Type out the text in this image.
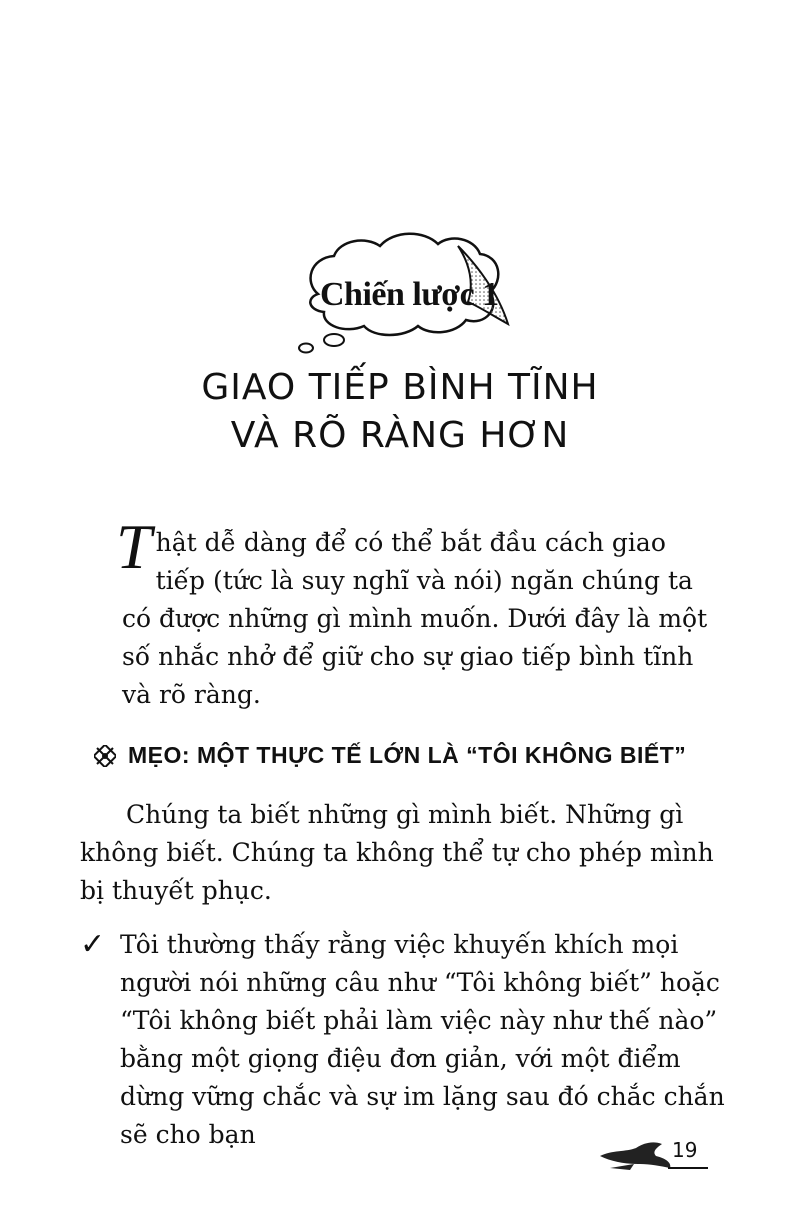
Chiến lược 1
GIAO TIẾP BÌNH TĨNH
VÀ RÕ RÀNG HƠN
T hật dễ dàng để có thể bắt đầu cách giao tiếp (tức là suy nghĩ và nói) ngăn chúng ta có được những gì mình muốn. Dưới đây là một số nhắc nhở để giữ cho sự giao tiếp bình tĩnh và rõ ràng.
MẸO: MỘT THỰC TẾ LỚN LÀ “TÔI KHÔNG BIẾT”
Chúng ta biết những gì mình biết. Những gì không biết. Chúng ta không thể tự cho phép mình bị thuyết phục.
✓ Tôi thường thấy rằng việc khuyến khích mọi người nói những câu như “Tôi không biết” hoặc “Tôi không biết phải làm việc này như thế nào” bằng một giọng điệu đơn giản, với một điểm dừng vững chắc và sự im lặng sau đó chắc chắn sẽ cho bạn
19
